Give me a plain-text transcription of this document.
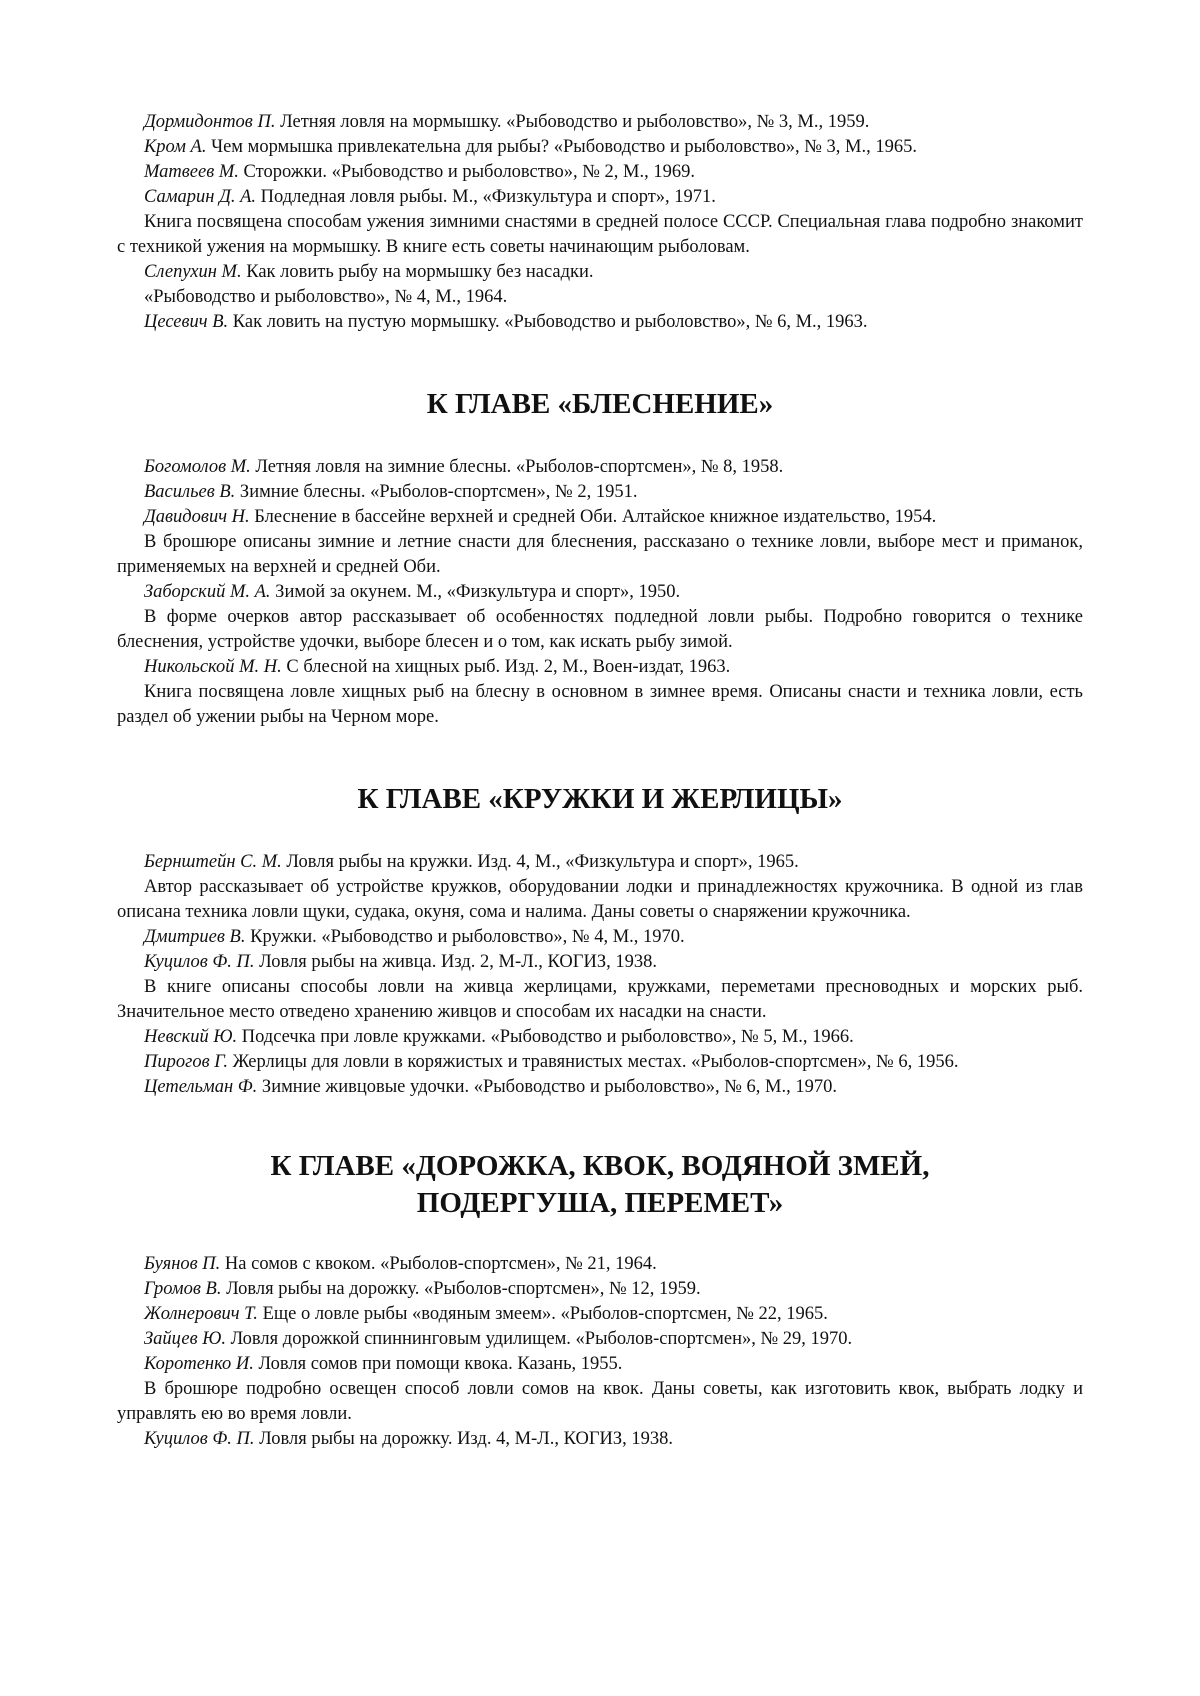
Дормидонтов П. Летняя ловля на мормышку. «Рыбоводство и рыболовство», № 3, М., 1959.

Кром А. Чем мормышка привлекательна для рыбы? «Рыбоводство и рыболовство», № 3, М., 1965.

Матвеев М. Сторожки. «Рыбоводство и рыболовство», № 2, М., 1969.

Самарин Д. А. Подледная ловля рыбы. М., «Физкультура и спорт», 1971.

Книга посвящена способам ужения зимними снастями в средней полосе СССР. Специальная глава подробно знакомит с техникой ужения на мормышку. В книге есть советы начинающим рыболовам.

Слепухин М. Как ловить рыбу на мормышку без насадки.

«Рыбоводство и рыболовство», № 4, М., 1964.

Цесевич В. Как ловить на пустую мормышку. «Рыбоводство и рыболовство», № 6, М., 1963.

К ГЛАВЕ «БЛЕСНЕНИЕ»

Богомолов М. Летняя ловля на зимние блесны. «Рыболов-спортсмен», № 8, 1958.

Васильев В. Зимние блесны. «Рыболов-спортсмен», № 2, 1951.

Давидович Н. Блеснение в бассейне верхней и средней Оби. Алтайское книжное издательство, 1954.

В брошюре описаны зимние и летние снасти для блеснения, рассказано о технике ловли, выборе мест и приманок, применяемых на верхней и средней Оби.

Заборский М. А. Зимой за окунем. М., «Физкультура и спорт», 1950.

В форме очерков автор рассказывает об особенностях подледной ловли рыбы. Подробно говорится о технике блеснения, устройстве удочки, выборе блесен и о том, как искать рыбу зимой.

Никольской М. Н. С блесной на хищных рыб. Изд. 2, М., Воен-издат, 1963.

Книга посвящена ловле хищных рыб на блесну в основном в зимнее время. Описаны снасти и техника ловли, есть раздел об ужении рыбы на Черном море.

К ГЛАВЕ «КРУЖКИ И ЖЕРЛИЦЫ»

Бернштейн С. М. Ловля рыбы на кружки. Изд. 4, М., «Физкультура и спорт», 1965.

Автор рассказывает об устройстве кружков, оборудовании лодки и принадлежностях кружочника. В одной из глав описана техника ловли щуки, судака, окуня, сома и налима. Даны советы о снаряжении кружочника.

Дмитриев В. Кружки. «Рыбоводство и рыболовство», № 4, М., 1970.

Куцилов Ф. П. Ловля рыбы на живца. Изд. 2, М-Л., КОГИЗ, 1938.

В книге описаны способы ловли на живца жерлицами, кружками, переметами пресноводных и морских рыб. Значительное место отведено хранению живцов и способам их насадки на снасти.

Невский Ю. Подсечка при ловле кружками. «Рыбоводство и рыболовство», № 5, М., 1966.

Пирогов Г. Жерлицы для ловли в коряжистых и травянистых местах. «Рыболов-спортсмен», № 6, 1956.

Цетельман Ф. Зимние живцовые удочки. «Рыбоводство и рыболовство», № 6, М., 1970.

К ГЛАВЕ «ДОРОЖКА, КВОК, ВОДЯНОЙ ЗМЕЙ,
ПОДЕРГУША, ПЕРЕМЕТ»

Буянов П. На сомов с квоком. «Рыболов-спортсмен», № 21, 1964.

Громов В. Ловля рыбы на дорожку. «Рыболов-спортсмен», № 12, 1959.

Жолнерович Т. Еще о ловле рыбы «водяным змеем». «Рыболов-спортсмен, № 22, 1965.

Зайцев Ю. Ловля дорожкой спиннинговым удилищем. «Рыболов-спортсмен», № 29, 1970.

Коротенко И. Ловля сомов при помощи квока. Казань, 1955.

В брошюре подробно освещен способ ловли сомов на квок. Даны советы, как изготовить квок, выбрать лодку и управлять ею во время ловли.

Куцилов Ф. П. Ловля рыбы на дорожку. Изд. 4, М-Л., КОГИЗ, 1938.
